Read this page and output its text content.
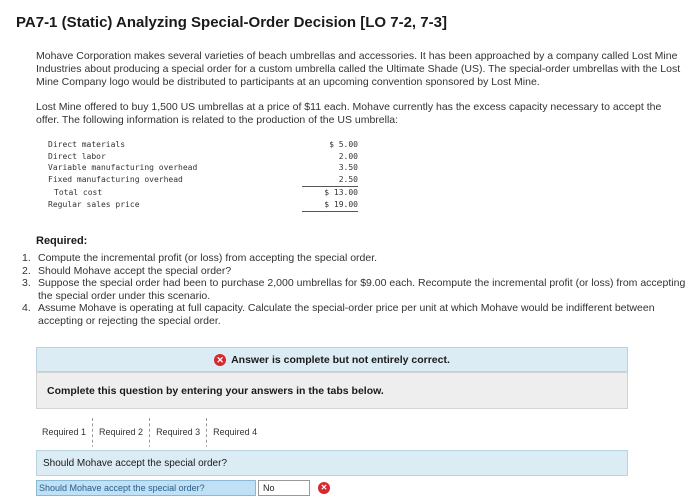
PA7-1 (Static) Analyzing Special-Order Decision [LO 7-2, 7-3]
Mohave Corporation makes several varieties of beach umbrellas and accessories. It has been approached by a company called Lost Mine Industries about producing a special order for a custom umbrella called the Ultimate Shade (US). The special-order umbrellas with the Lost Mine Company logo would be distributed to participants at an upcoming convention sponsored by Lost Mine.
Lost Mine offered to buy 1,500 US umbrellas at a price of $11 each. Mohave currently has the excess capacity necessary to accept the offer. The following information is related to the production of the US umbrella:
Direct materials	$ 5.00
Direct labor	2.00
Variable manufacturing overhead	3.50
Fixed manufacturing overhead	2.50
Total cost	$ 13.00
Regular sales price	$ 19.00
Required:
1. Compute the incremental profit (or loss) from accepting the special order.
2. Should Mohave accept the special order?
3. Suppose the special order had been to purchase 2,000 umbrellas for $9.00 each. Recompute the incremental profit (or loss) from accepting the special order under this scenario.
4. Assume Mohave is operating at full capacity. Calculate the special-order price per unit at which Mohave would be indifferent between accepting or rejecting the special order.
✕ Answer is complete but not entirely correct.
Complete this question by entering your answers in the tabs below.
Required 1	Required 2	Required 3	Required 4
Should Mohave accept the special order?
Should Mohave accept the special order?	No	✕
